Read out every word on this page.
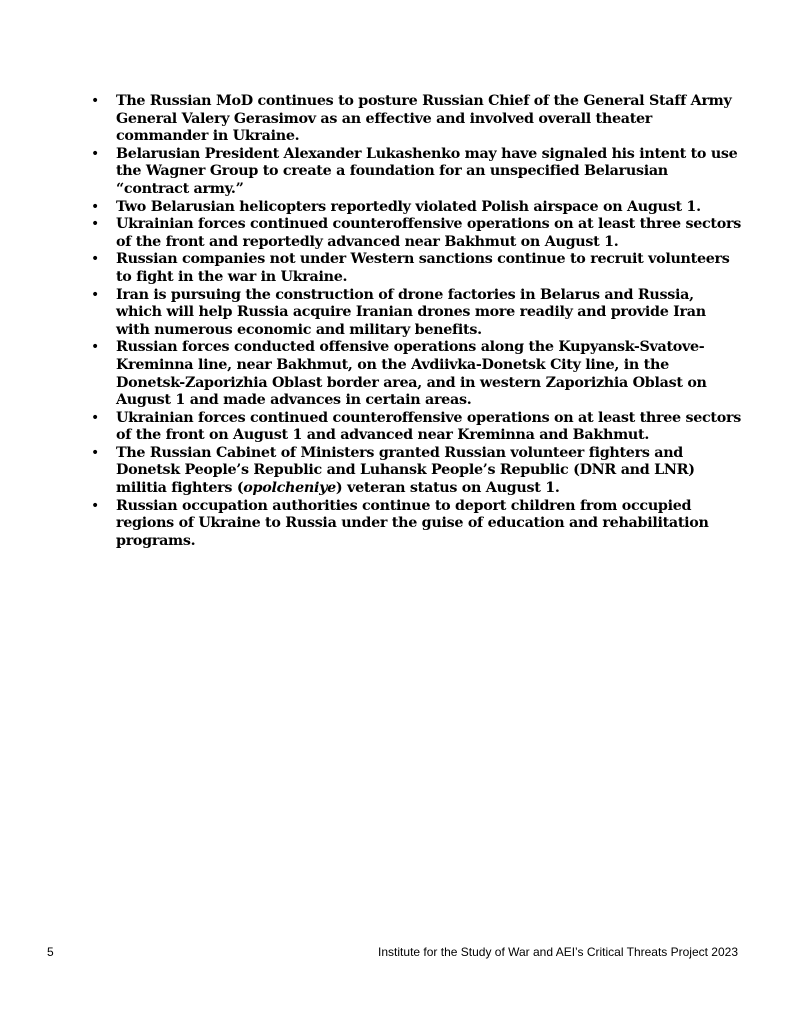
• The Russian MoD continues to posture Russian Chief of the General Staff Army General Valery Gerasimov as an effective and involved overall theater commander in Ukraine.
• Belarusian President Alexander Lukashenko may have signaled his intent to use the Wagner Group to create a foundation for an unspecified Belarusian “contract army.”
• Two Belarusian helicopters reportedly violated Polish airspace on August 1.
• Ukrainian forces continued counteroffensive operations on at least three sectors of the front and reportedly advanced near Bakhmut on August 1.
• Russian companies not under Western sanctions continue to recruit volunteers to fight in the war in Ukraine.
• Iran is pursuing the construction of drone factories in Belarus and Russia, which will help Russia acquire Iranian drones more readily and provide Iran with numerous economic and military benefits.
• Russian forces conducted offensive operations along the Kupyansk-Svatove-Kreminna line, near Bakhmut, on the Avdiivka-Donetsk City line, in the Donetsk-Zaporizhia Oblast border area, and in western Zaporizhia Oblast on August 1 and made advances in certain areas.
• Ukrainian forces continued counteroffensive operations on at least three sectors of the front on August 1 and advanced near Kreminna and Bakhmut.
• The Russian Cabinet of Ministers granted Russian volunteer fighters and Donetsk People’s Republic and Luhansk People’s Republic (DNR and LNR) militia fighters (opolcheniye) veteran status on August 1.
• Russian occupation authorities continue to deport children from occupied regions of Ukraine to Russia under the guise of education and rehabilitation programs.
5	Institute for the Study of War and AEI’s Critical Threats Project 2023
